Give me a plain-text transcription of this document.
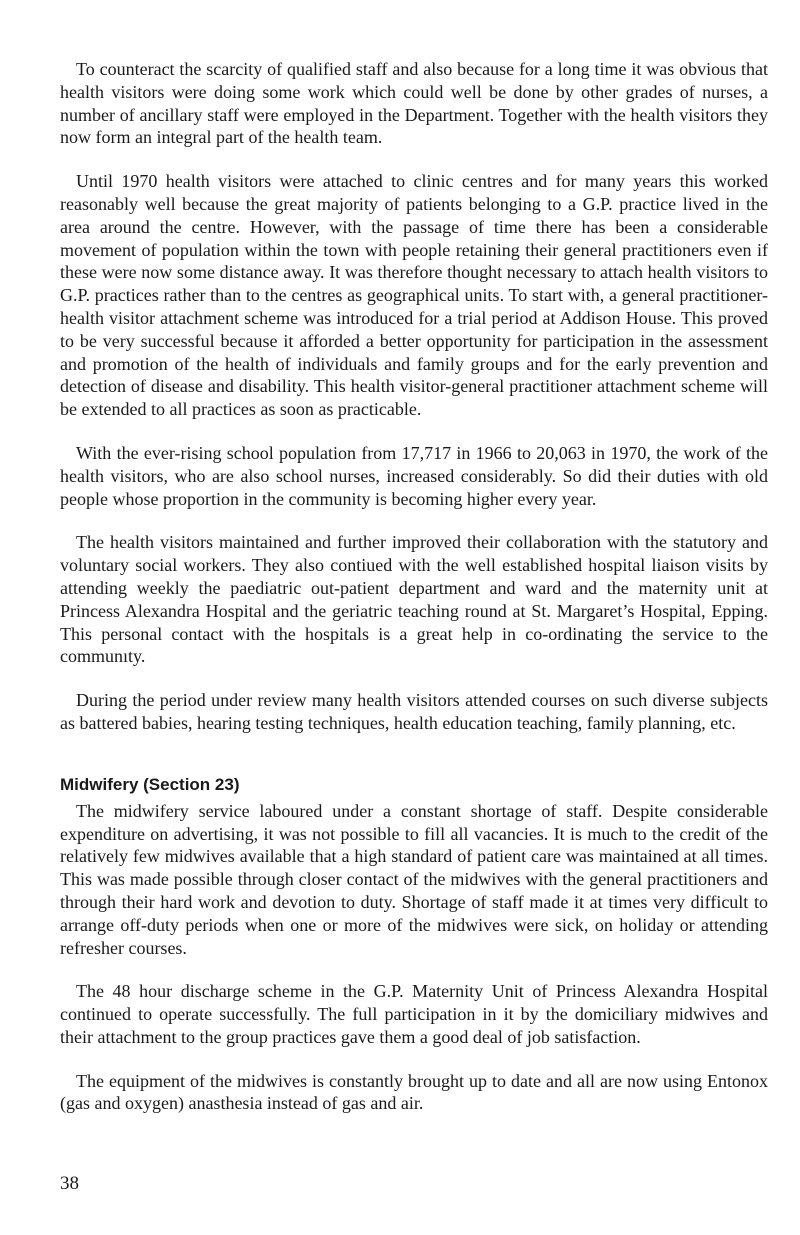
To counteract the scarcity of qualified staff and also because for a long time it was obvious that health visitors were doing some work which could well be done by other grades of nurses, a number of ancillary staff were employed in the Department. Together with the health visitors they now form an integral part of the health team.

Until 1970 health visitors were attached to clinic centres and for many years this worked reasonably well because the great majority of patients belonging to a G.P. practice lived in the area around the centre. However, with the passage of time there has been a considerable movement of population within the town with people retaining their general practitioners even if these were now some distance away. It was therefore thought necessary to attach health visitors to G.P. practices rather than to the centres as geographical units. To start with, a general practitioner-health visitor attachment scheme was introduced for a trial period at Addison House. This proved to be very successful because it afforded a better opportunity for participation in the assessment and promotion of the health of individuals and family groups and for the early prevention and detection of disease and disability. This health visitor-general practitioner attachment scheme will be extended to all practices as soon as practicable.

With the ever-rising school population from 17,717 in 1966 to 20,063 in 1970, the work of the health visitors, who are also school nurses, increased considerably. So did their duties with old people whose proportion in the community is becoming higher every year.

The health visitors maintained and further improved their collaboration with the statutory and voluntary social workers. They also contiued with the well established hospital liaison visits by attending weekly the paediatric out-patient department and ward and the maternity unit at Princess Alexandra Hospital and the geriatric teaching round at St. Margaret’s Hospital, Epping. This personal contact with the hospitals is a great help in co-ordinating the service to the communıty.

During the period under review many health visitors attended courses on such diverse subjects as battered babies, hearing testing techniques, health education teaching, family planning, etc.

Midwifery (Section 23)

The midwifery service laboured under a constant shortage of staff. Despite considerable expenditure on advertising, it was not possible to fill all vacancies. It is much to the credit of the relatively few midwives available that a high standard of patient care was maintained at all times. This was made possible through closer contact of the midwives with the general practitioners and through their hard work and devotion to duty. Shortage of staff made it at times very difficult to arrange off-duty periods when one or more of the midwives were sick, on holiday or attending refresher courses.

The 48 hour discharge scheme in the G.P. Maternity Unit of Princess Alexandra Hospital continued to operate successfully. The full participation in it by the domiciliary midwives and their attachment to the group practices gave them a good deal of job satisfaction.

The equipment of the midwives is constantly brought up to date and all are now using Entonox (gas and oxygen) anasthesia instead of gas and air.

38
